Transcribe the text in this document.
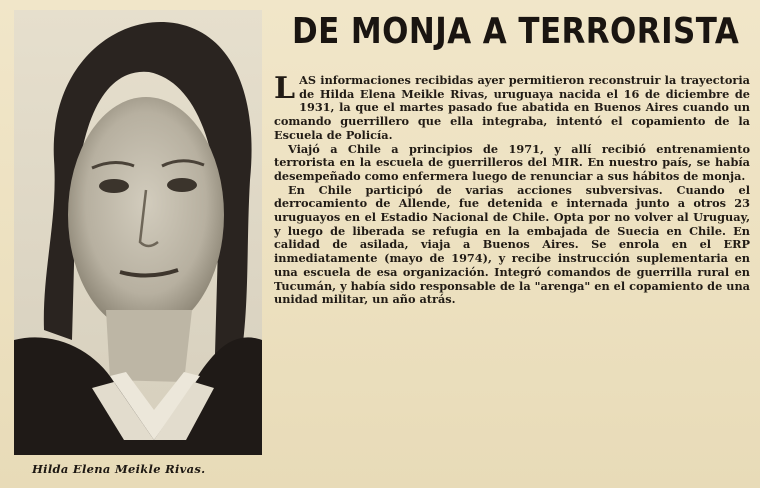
Hilda Elena Meikle Rivas.
DE MONJA A TERRORISTA

LAS informaciones recibidas ayer permitieron reconstruir la trayectoria de Hilda Elena Meikle Rivas, uruguaya nacida el 16 de diciembre de 1931, la que el martes pasado fue abatida en Buenos Aires cuando un comando guerrillero que ella integraba, intentó el copamiento de la Escuela de Policía.

Viajó a Chile a principios de 1971, y allí recibió entrenamiento terrorista en la escuela de guerrilleros del MIR. En nuestro país, se había desempeñado como enfermera luego de renunciar a sus hábitos de monja.

En Chile participó de varias acciones subversivas. Cuando el derrocamiento de Allende, fue detenida e internada junto a otros 23 uruguayos en el Estadio Nacional de Chile. Opta por no volver al Uruguay, y luego de liberada se refugia en la embajada de Suecia en Chile. En calidad de asilada, viaja a Buenos Aires. Se enrola en el ERP inmediatamente (mayo de 1974), y recibe instrucción suplementaria en una escuela de esa organización. Integró comandos de guerrilla rural en Tucumán, y había sido responsable de la "arenga" en el copamiento de una unidad militar, un año atrás.
